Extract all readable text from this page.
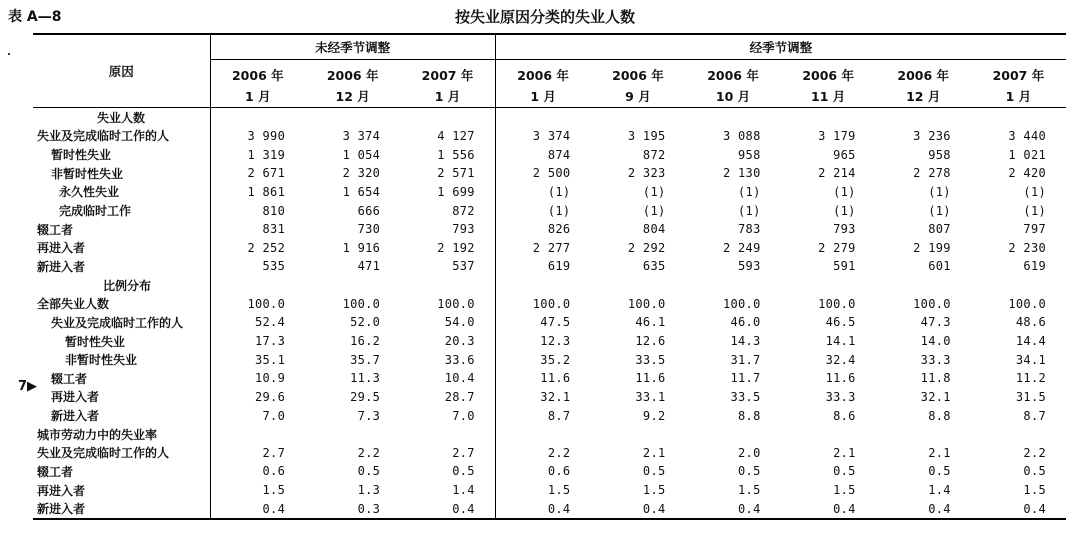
表 A—8	按失业原因分类的失业人数
7▶
原因	未经季节调整			经季节调整					
	2006 年	2006 年	2007 年	2006 年	2006 年	2006 年	2006 年	2006 年	2007 年
	1 月	12 月	1 月	1 月	9 月	10 月	11 月	12 月	1 月
失业人数									
失业及完成临时工作的人	3 990	3 374	4 127	3 374	3 195	3 088	3 179	3 236	3 440
暂时性失业	1 319	1 054	1 556	874	872	958	965	958	1 021
非暂时性失业	2 671	2 320	2 571	2 500	2 323	2 130	2 214	2 278	2 420
永久性失业	1 861	1 654	1 699	(1)	(1)	(1)	(1)	(1)	(1)
完成临时工作	810	666	872	(1)	(1)	(1)	(1)	(1)	(1)
辍工者	831	730	793	826	804	783	793	807	797
再进入者	2 252	1 916	2 192	2 277	2 292	2 249	2 279	2 199	2 230
新进入者	535	471	537	619	635	593	591	601	619
比例分布									
全部失业人数	100.0	100.0	100.0	100.0	100.0	100.0	100.0	100.0	100.0
失业及完成临时工作的人	52.4	52.0	54.0	47.5	46.1	46.0	46.5	47.3	48.6
暂时性失业	17.3	16.2	20.3	12.3	12.6	14.3	14.1	14.0	14.4
非暂时性失业	35.1	35.7	33.6	35.2	33.5	31.7	32.4	33.3	34.1
辍工者	10.9	11.3	10.4	11.6	11.6	11.7	11.6	11.8	11.2
再进入者	29.6	29.5	28.7	32.1	33.1	33.5	33.3	32.1	31.5
新进入者	7.0	7.3	7.0	8.7	9.2	8.8	8.6	8.8	8.7
城市劳动力中的失业率									
失业及完成临时工作的人	2.7	2.2	2.7	2.2	2.1	2.0	2.1	2.1	2.2
辍工者	0.6	0.5	0.5	0.6	0.5	0.5	0.5	0.5	0.5
再进入者	1.5	1.3	1.4	1.5	1.5	1.5	1.5	1.4	1.5
新进入者	0.4	0.3	0.4	0.4	0.4	0.4	0.4	0.4	0.4
